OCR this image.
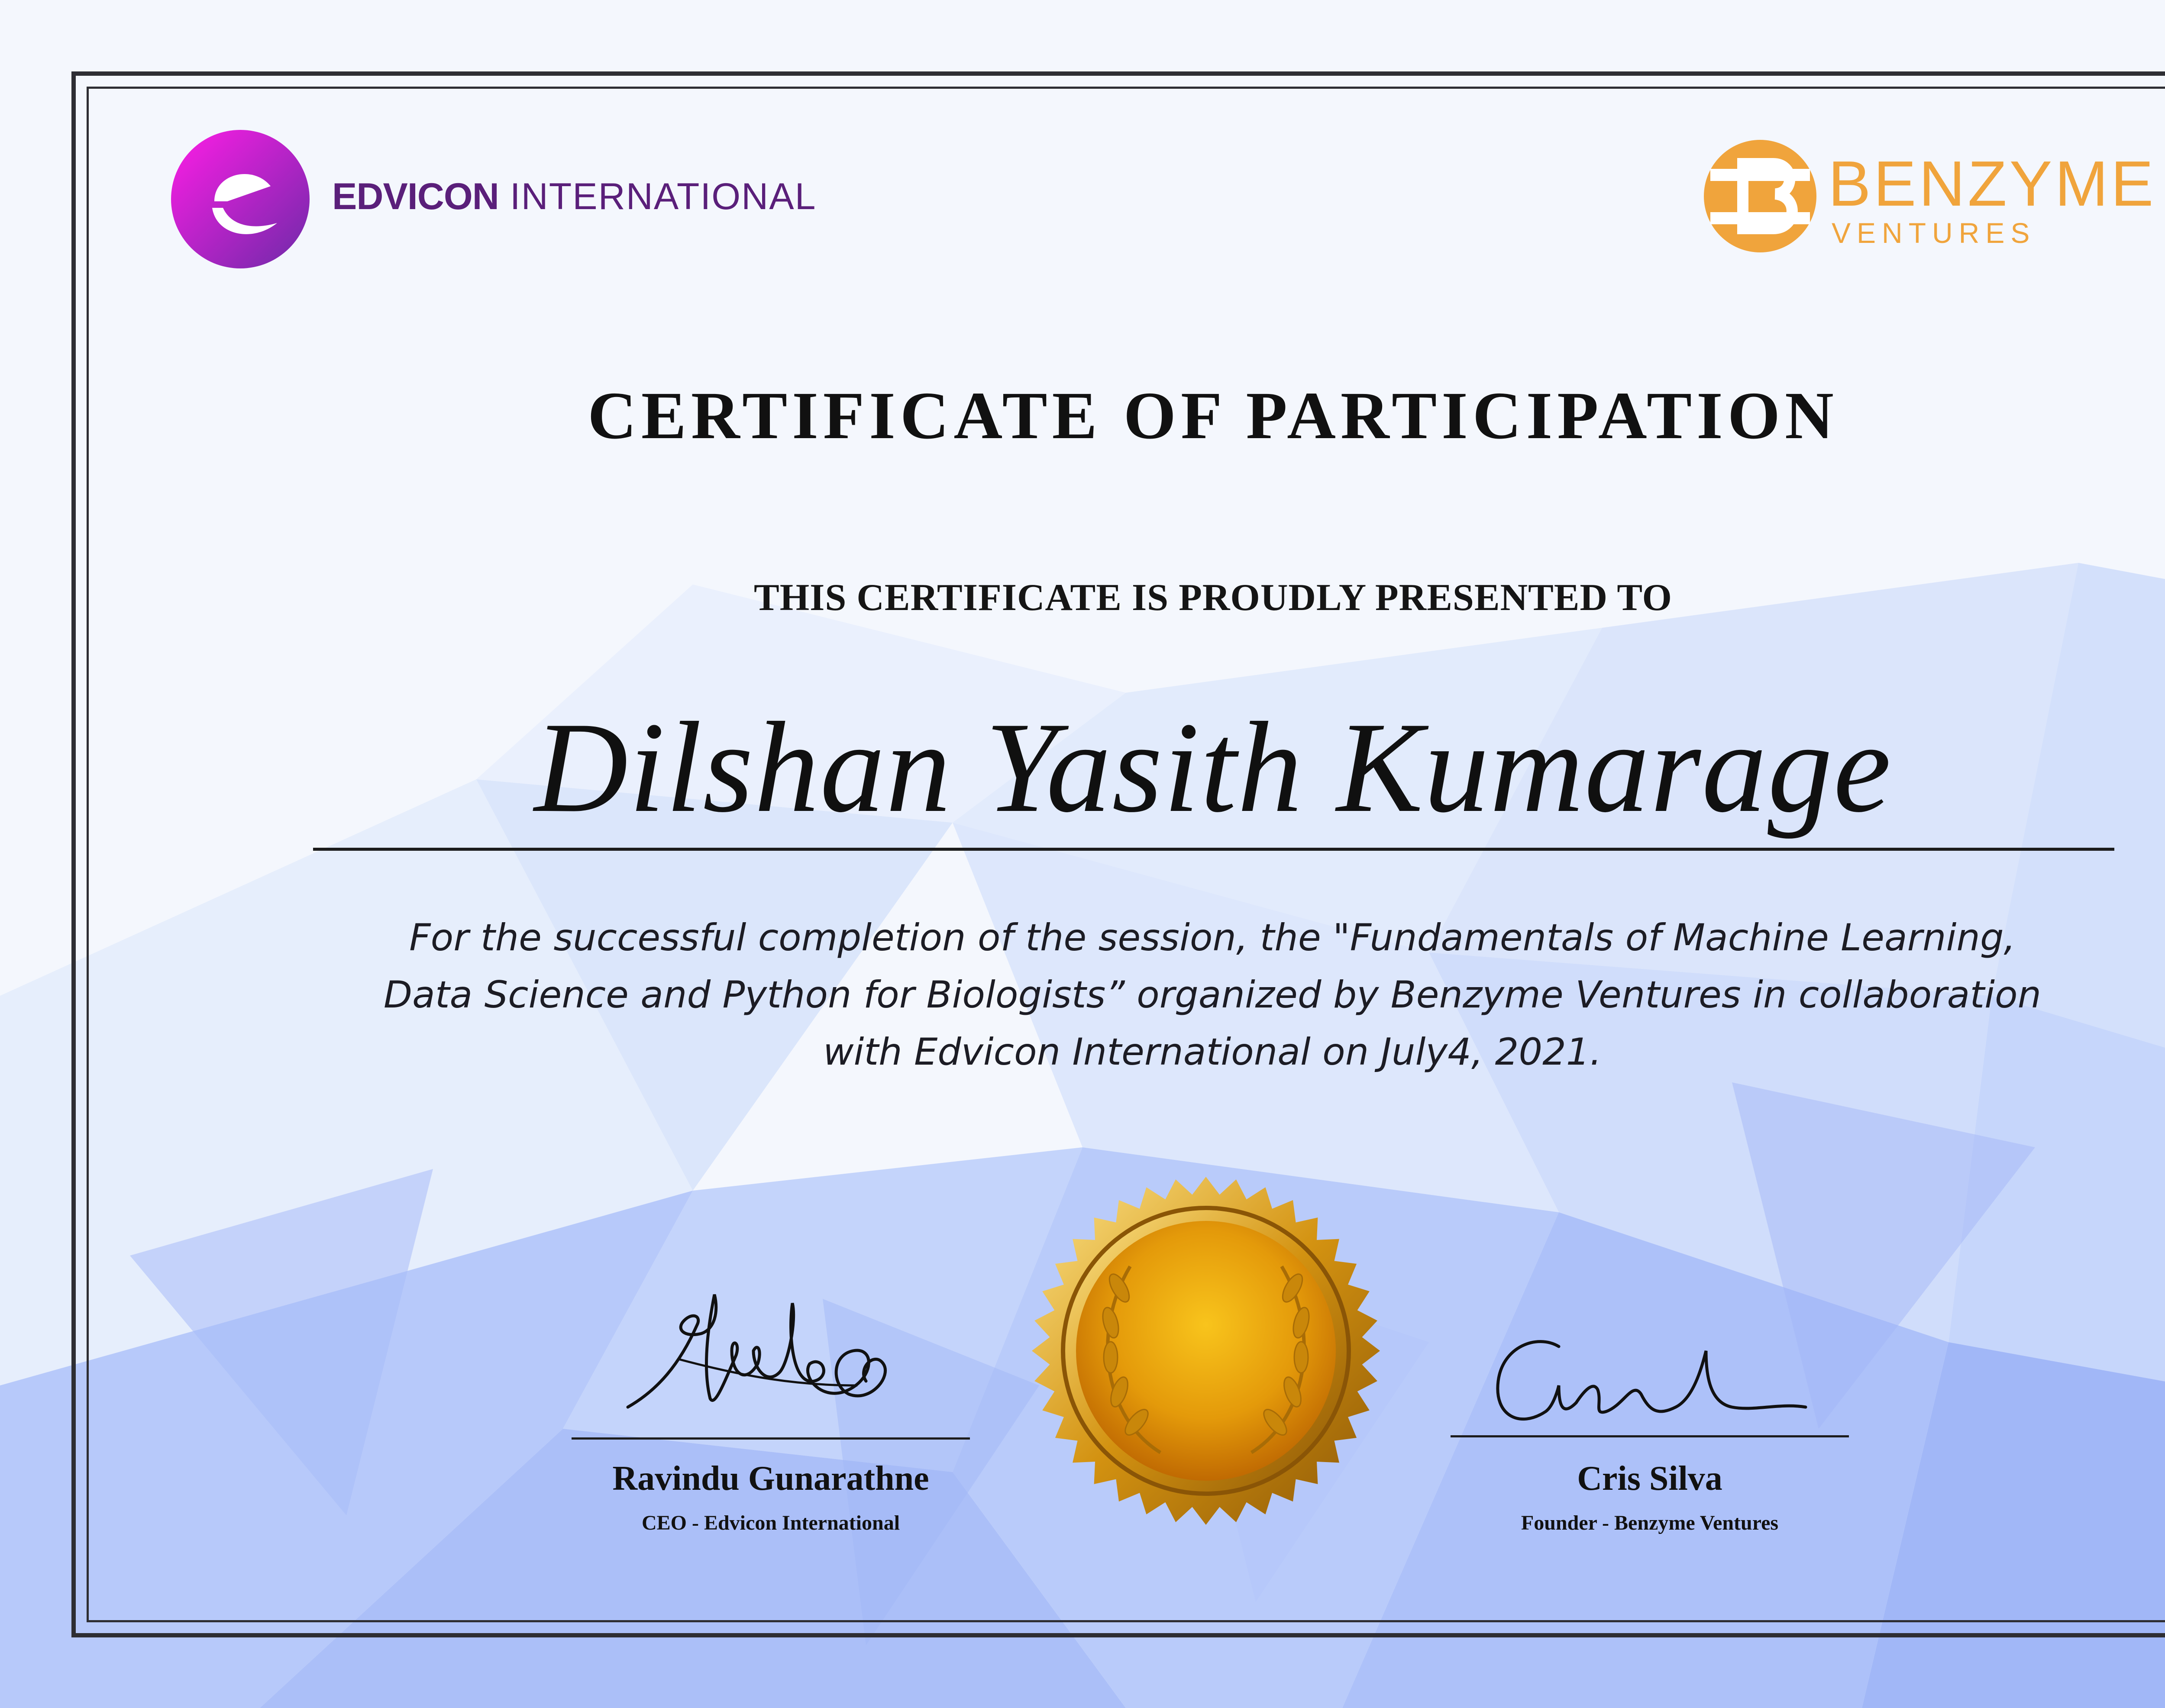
EDVICON INTERNATIONAL	BENZYME
VENTURES
CERTIFICATE OF PARTICIPATION
THIS CERTIFICATE IS PROUDLY PRESENTED TO
Dilshan Yasith Kumarage
For the successful completion of the session, the "Fundamentals of Machine Learning,
Data Science and Python for Biologists” organized by Benzyme Ventures in collaboration
with Edvicon International on July4, 2021.
Ravindu Gunarathne
CEO - Edvicon International
Cris Silva
Founder - Benzyme Ventures
